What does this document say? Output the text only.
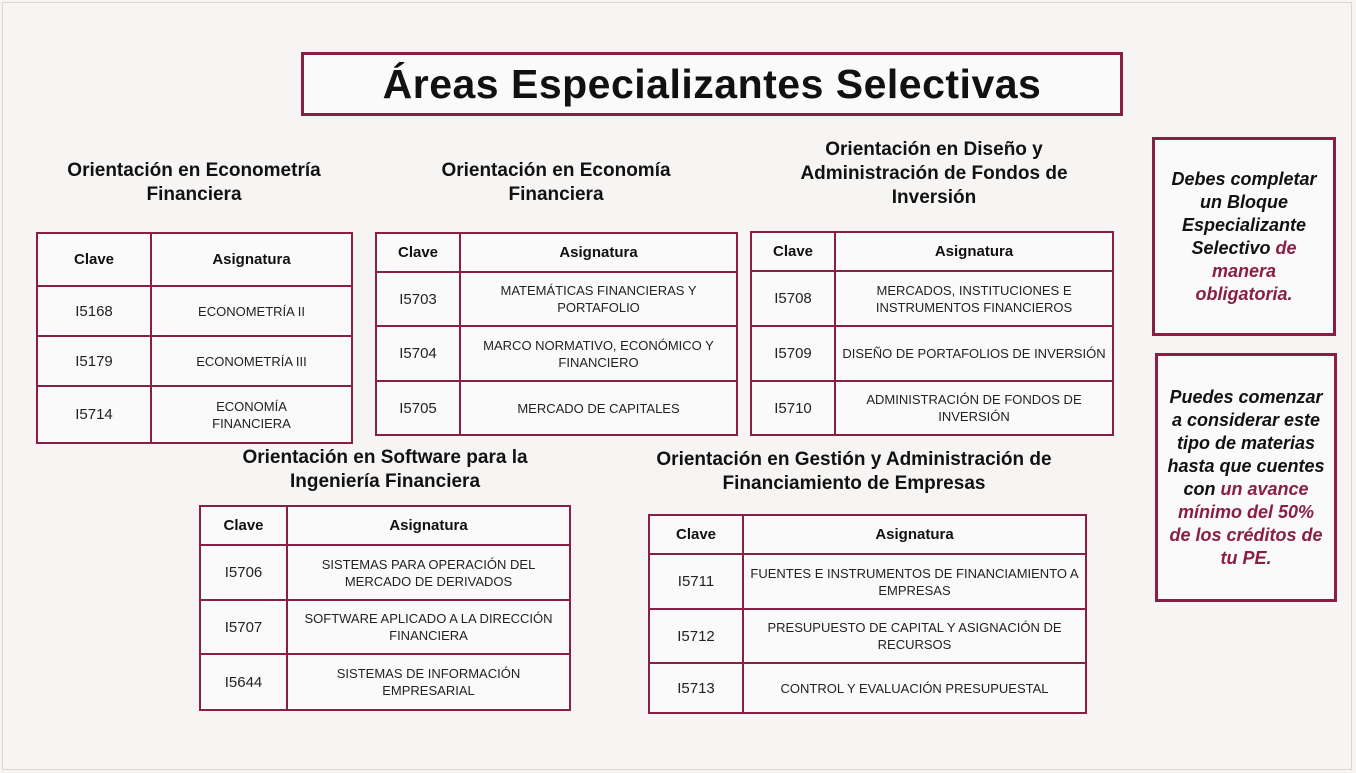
Áreas Especializantes Selectivas
Orientación en Econometría Financiera
Clave	Asignatura
I5168	ECONOMETRÍA II
I5179	ECONOMETRÍA III
I5714	ECONOMÍA FINANCIERA
Orientación en Economía Financiera
Clave	Asignatura
I5703	MATEMÁTICAS FINANCIERAS Y PORTAFOLIO
I5704	MARCO NORMATIVO, ECONÓMICO Y FINANCIERO
I5705	MERCADO DE CAPITALES
Orientación en Diseño y Administración de Fondos de Inversión
Clave	Asignatura
I5708	MERCADOS, INSTITUCIONES E INSTRUMENTOS FINANCIEROS
I5709	DISEÑO DE PORTAFOLIOS DE INVERSIÓN
I5710	ADMINISTRACIÓN DE FONDOS DE INVERSIÓN
Orientación en Software para la Ingeniería Financiera
Clave	Asignatura
I5706	SISTEMAS PARA OPERACIÓN DEL MERCADO DE DERIVADOS
I5707	SOFTWARE APLICADO A LA DIRECCIÓN FINANCIERA
I5644	SISTEMAS DE INFORMACIÓN EMPRESARIAL
Orientación en Gestión y Administración de Financiamiento de Empresas
Clave	Asignatura
I5711	FUENTES E INSTRUMENTOS DE FINANCIAMIENTO A EMPRESAS
I5712	PRESUPUESTO DE CAPITAL Y ASIGNACIÓN DE RECURSOS
I5713	CONTROL Y EVALUACIÓN PRESUPUESTAL
Debes completar un Bloque Especializante Selectivo de manera obligatoria.
Puedes comenzar a considerar este tipo de materias hasta que cuentes con un avance mínimo del 50% de los créditos de tu PE.
